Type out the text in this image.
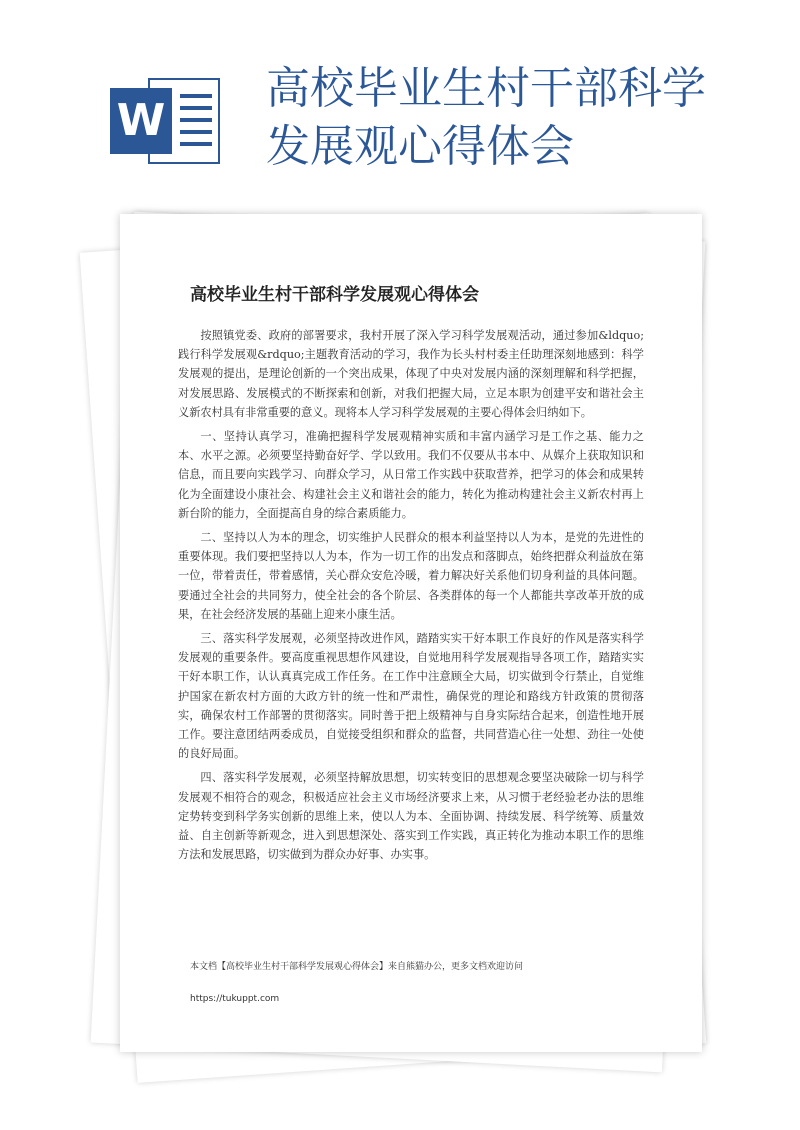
W
高校毕业生村干部科学发展观心得体会
高校毕业生村干部科学发展观心得体会

按照镇党委、政府的部署要求，我村开展了深入学习科学发展观活动，通过参加&ldquo;践行科学发展观&rdquo;主题教育活动的学习，我作为长头村村委主任助理深刻地感到：科学发展观的提出，是理论创新的一个突出成果，体现了中央对发展内涵的深刻理解和科学把握，对发展思路、发展模式的不断探索和创新，对我们把握大局，立足本职为创建平安和谐社会主义新农村具有非常重要的意义。现将本人学习科学发展观的主要心得体会归纳如下。

一、坚持认真学习，准确把握科学发展观精神实质和丰富内涵学习是工作之基、能力之本、水平之源。必须要坚持勤奋好学、学以致用。我们不仅要从书本中、从媒介上获取知识和信息，而且要向实践学习、向群众学习，从日常工作实践中获取营养，把学习的体会和成果转化为全面建设小康社会、构建社会主义和谐社会的能力，转化为推动构建社会主义新农村再上新台阶的能力，全面提高自身的综合素质能力。

二、坚持以人为本的理念，切实维护人民群众的根本利益坚持以人为本，是党的先进性的重要体现。我们要把坚持以人为本，作为一切工作的出发点和落脚点，始终把群众利益放在第一位，带着责任，带着感情，关心群众安危冷暖，着力解决好关系他们切身利益的具体问题。要通过全社会的共同努力，使全社会的各个阶层、各类群体的每一个人都能共享改革开放的成果，在社会经济发展的基础上迎来小康生活。

三、落实科学发展观，必须坚持改进作风，踏踏实实干好本职工作良好的作风是落实科学发展观的重要条件。要高度重视思想作风建设，自觉地用科学发展观指导各项工作，踏踏实实干好本职工作，认认真真完成工作任务。在工作中注意顾全大局，切实做到令行禁止，自觉维护国家在新农村方面的大政方针的统一性和严肃性，确保党的理论和路线方针政策的贯彻落实，确保农村工作部署的贯彻落实。同时善于把上级精神与自身实际结合起来，创造性地开展工作。要注意团结两委成员，自觉接受组织和群众的监督，共同营造心往一处想、劲往一处使的良好局面。

四、落实科学发展观，必须坚持解放思想，切实转变旧的思想观念要坚决破除一切与科学发展观不相符合的观念，积极适应社会主义市场经济要求上来，从习惯于老经验老办法的思维定势转变到科学务实创新的思维上来，使以人为本、全面协调、持续发展、科学统筹、质量效益、自主创新等新观念，进入到思想深处、落实到工作实践，真正转化为推动本职工作的思维方法和发展思路，切实做到为群众办好事、办实事。

本文档【高校毕业生村干部科学发展观心得体会】来自熊猫办公，更多文档欢迎访问
https://tukuppt.com
